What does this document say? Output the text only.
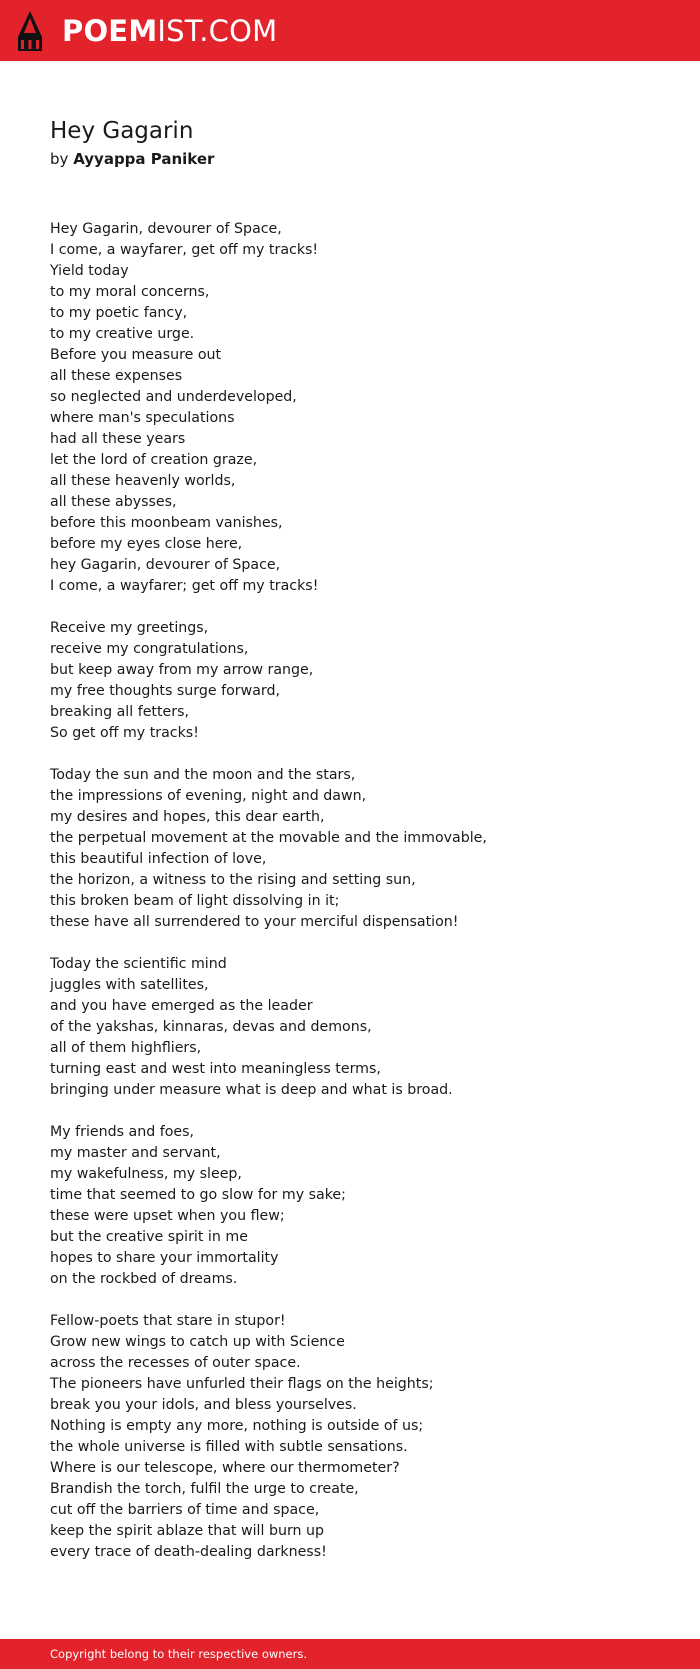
POEMIST.COM
Hey Gagarin
by Ayyappa Paniker
Hey Gagarin, devourer of Space,
I come, a wayfarer, get off my tracks!
Yield today
to my moral concerns,
to my poetic fancy,
to my creative urge.
Before you measure out
all these expenses
so neglected and underdeveloped,
where man's speculations
had all these years
let the lord of creation graze,
all these heavenly worlds,
all these abysses,
before this moonbeam vanishes,
before my eyes close here,
hey Gagarin, devourer of Space,
I come, a wayfarer; get off my tracks!
Receive my greetings,
receive my congratulations,
but keep away from my arrow range,
my free thoughts surge forward,
breaking all fetters,
So get off my tracks!
Today the sun and the moon and the stars,
the impressions of evening, night and dawn,
my desires and hopes, this dear earth,
the perpetual movement at the movable and the immovable,
this beautiful infection of love,
the horizon, a witness to the rising and setting sun,
this broken beam of light dissolving in it;
these have all surrendered to your merciful dispensation!
Today the scientific mind
juggles with satellites,
and you have emerged as the leader
of the yakshas, kinnaras, devas and demons,
all of them highfliers,
turning east and west into meaningless terms,
bringing under measure what is deep and what is broad.
My friends and foes,
my master and servant,
my wakefulness, my sleep,
time that seemed to go slow for my sake;
these were upset when you flew;
but the creative spirit in me
hopes to share your immortality
on the rockbed of dreams.
Fellow-poets that stare in stupor!
Grow new wings to catch up with Science
across the recesses of outer space.
The pioneers have unfurled their flags on the heights;
break you your idols, and bless yourselves.
Nothing is empty any more, nothing is outside of us;
the whole universe is filled with subtle sensations.
Where is our telescope, where our thermometer?
Brandish the torch, fulfil the urge to create,
cut off the barriers of time and space,
keep the spirit ablaze that will burn up
every trace of death-dealing darkness!
Copyright belong to their respective owners.
